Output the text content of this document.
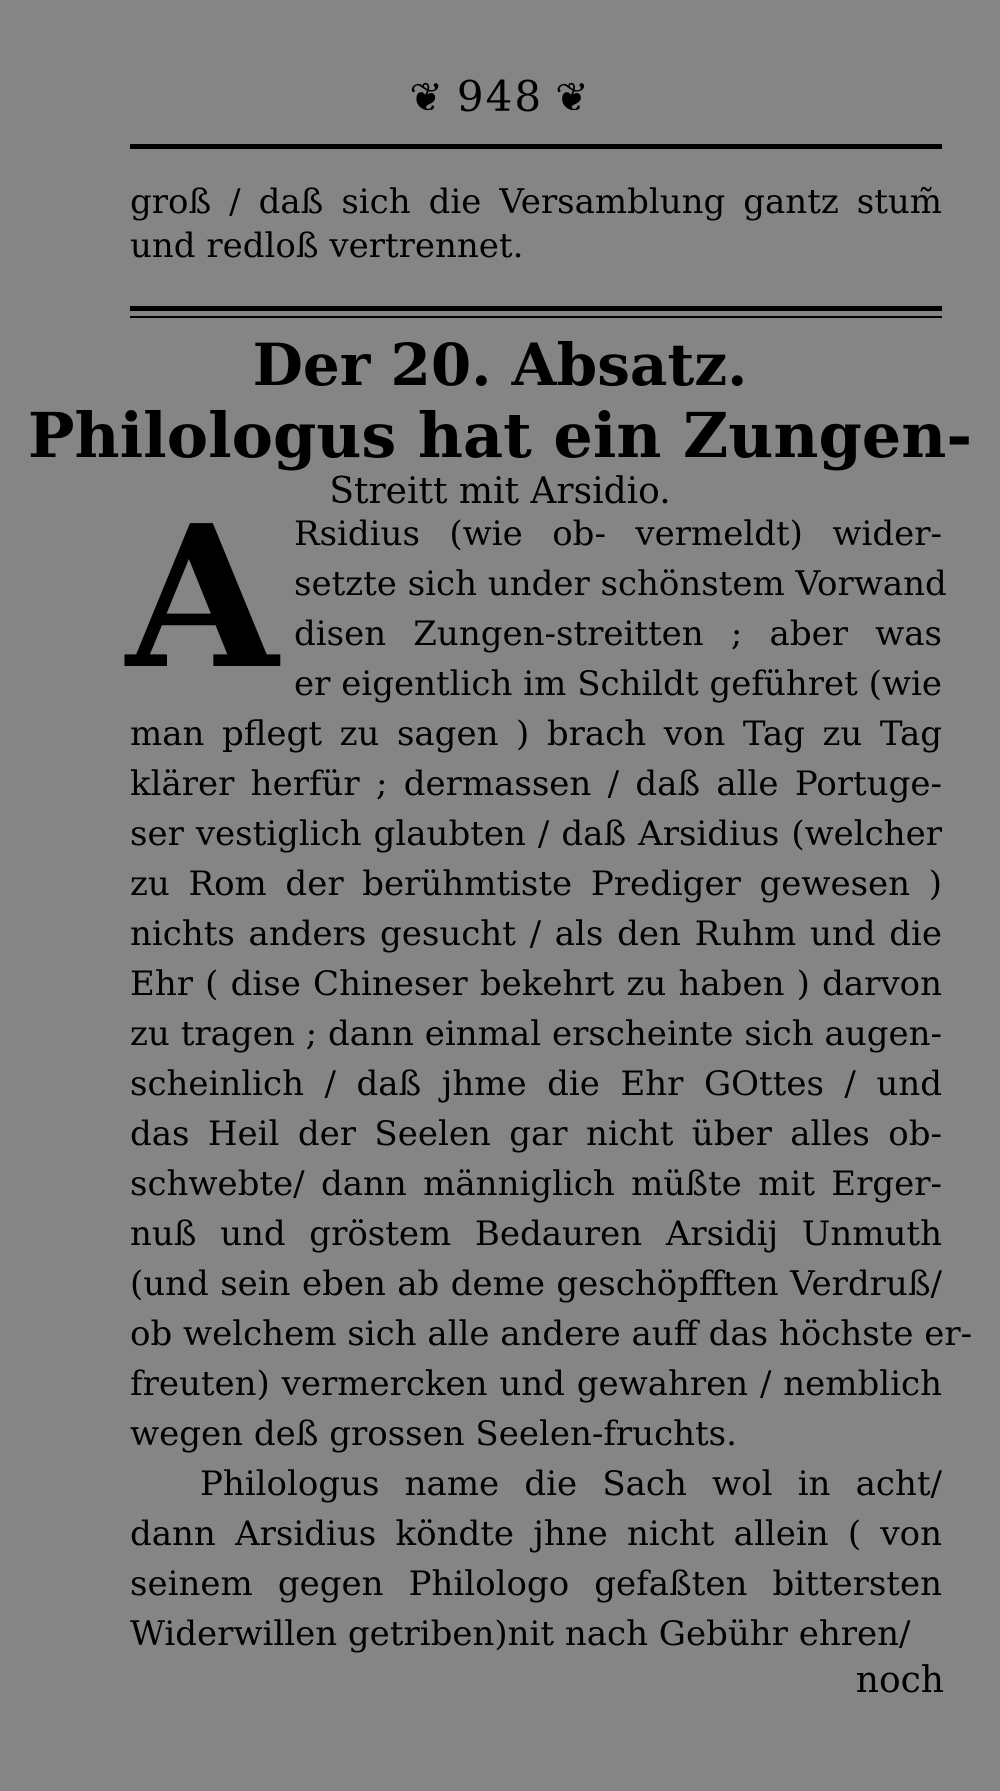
❦ 948 ❦
groß / daß sich die Versamblung gantz stum̃
und redloß vertrennet.
Der 20. Absatz.
Philologus hat ein Zungen-
Streitt mit Arsidio.
A Rsidius (wie ob- vermeldt) wider-
setzte sich under schönstem Vorwand
disen Zungen-streitten ; aber was
er eigentlich im Schildt geführet (wie
man pflegt zu sagen ) brach von Tag zu Tag
klärer herfür ; dermassen / daß alle Portuge-
ser vestiglich glaubten / daß Arsidius (welcher
zu Rom der berühmtiste Prediger gewesen )
nichts anders gesucht / als den Ruhm und die
Ehr ( dise Chineser bekehrt zu haben ) darvon
zu tragen ; dann einmal erscheinte sich augen-
scheinlich / daß jhme die Ehr GOttes / und
das Heil der Seelen gar nicht über alles ob-
schwebte/ dann männiglich müßte mit Erger-
nuß und gröstem Bedauren Arsidij Unmuth
(und sein eben ab deme geschöpfften Verdruß/
ob welchem sich alle andere auff das höchste er-
freuten) vermercken und gewahren / nemblich
wegen deß grossen Seelen-fruchts.
Philologus name die Sach wol in acht/
dann Arsidius köndte jhne nicht allein ( von
seinem gegen Philologo gefaßten bittersten
Widerwillen getriben)nit nach Gebühr ehren/
noch
